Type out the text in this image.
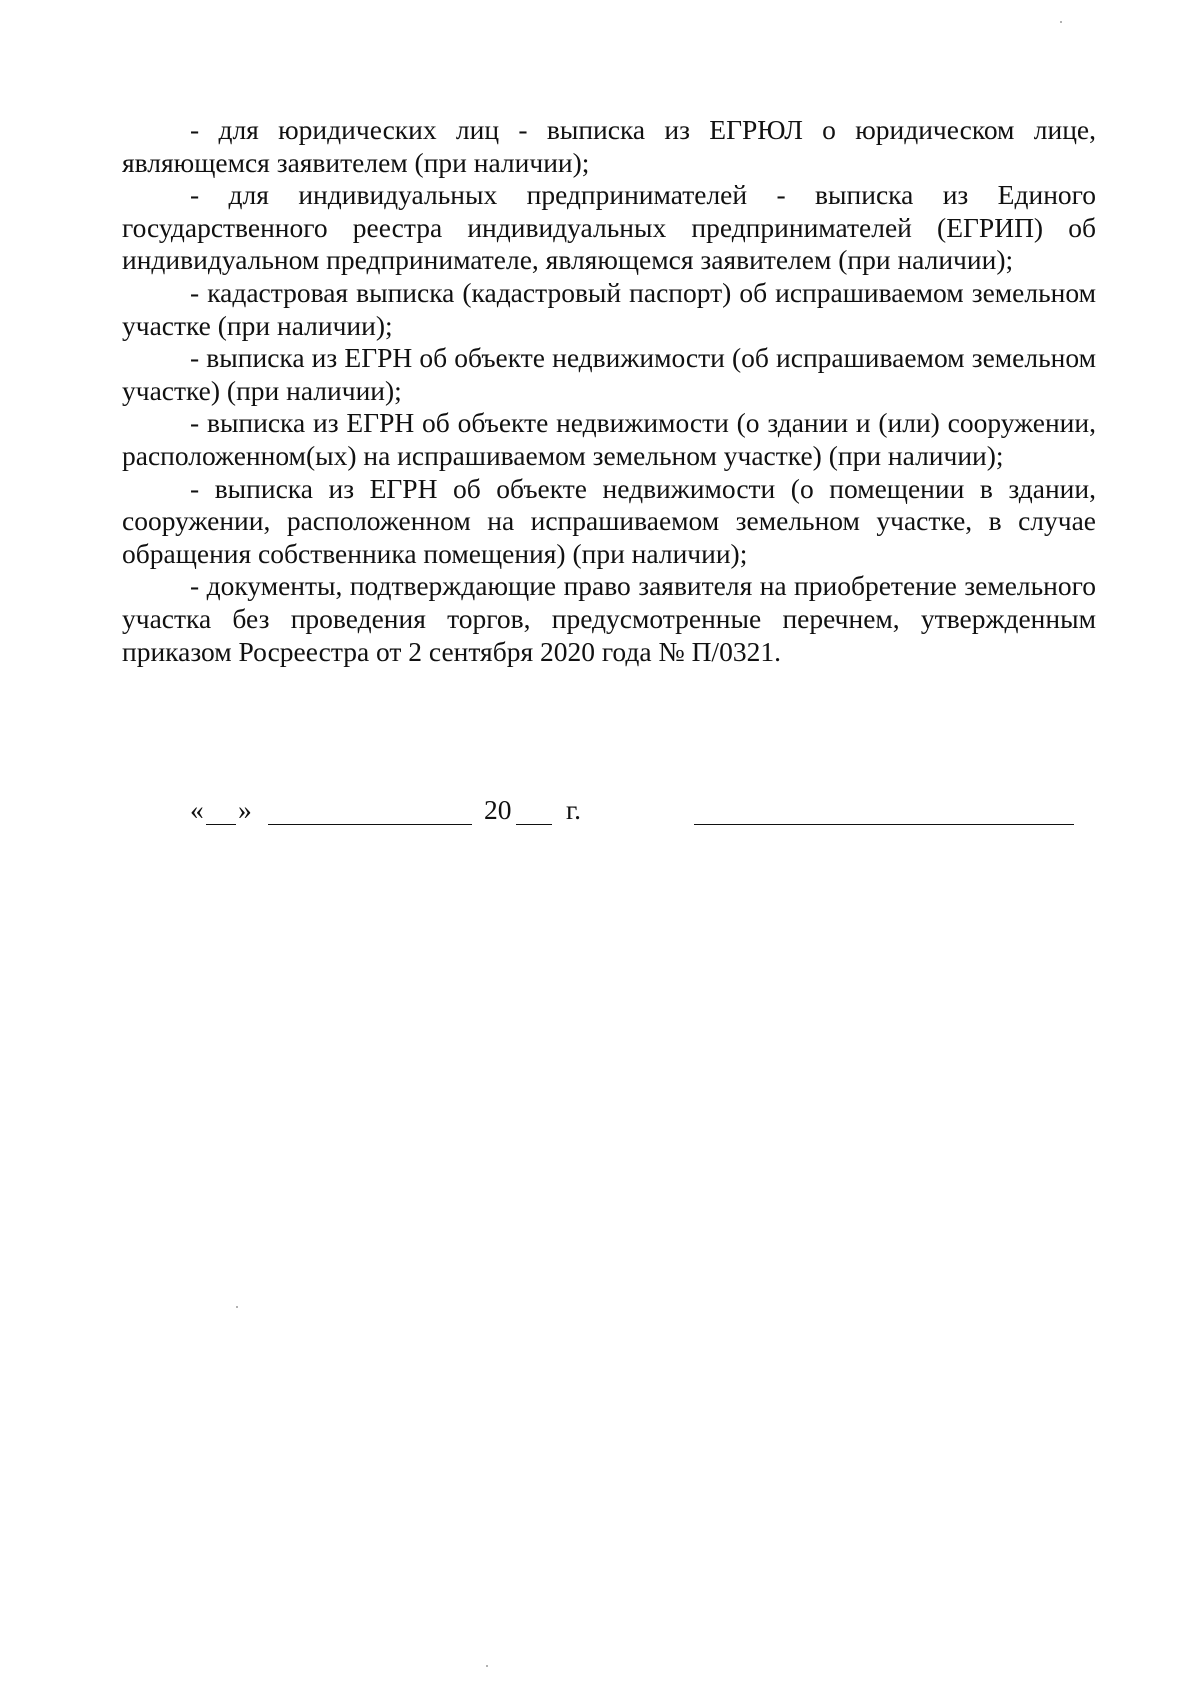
- для юридических лиц - выписка из ЕГРЮЛ о юридическом лице, являющемся заявителем (при наличии);

- для индивидуальных предпринимателей - выписка из Единого государственного реестра индивидуальных предпринимателей (ЕГРИП) об индивидуальном предпринимателе, являющемся заявителем (при наличии);

- кадастровая выписка (кадастровый паспорт) об испрашиваемом земельном участке (при наличии);

- выписка из ЕГРН об объекте недвижимости (об испрашиваемом земельном участке) (при наличии);

- выписка из ЕГРН об объекте недвижимости (о здании и (или) сооружении, расположенном(ых) на испрашиваемом земельном участке) (при наличии);

- выписка из ЕГРН об объекте недвижимости (о помещении в здании, сооружении, расположенном на испрашиваемом земельном участке, в случае обращения собственника помещения) (при наличии);

- документы, подтверждающие право заявителя на приобретение земельного участка без проведения торгов, предусмотренные перечнем, утвержденным приказом Росреестра от 2 сентября 2020 года № П/0321.

« »	20 г.
